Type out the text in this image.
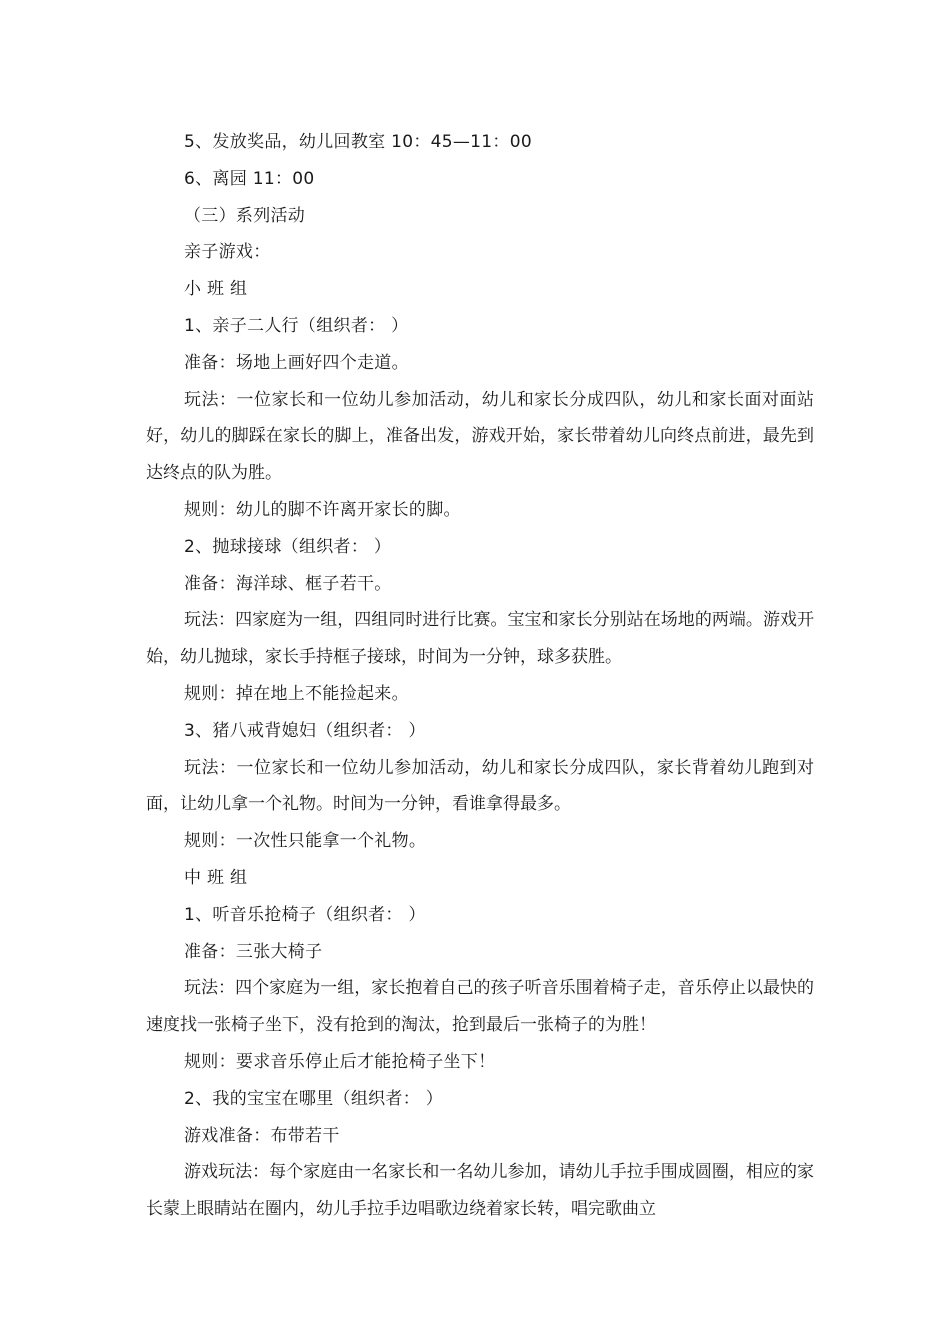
5、发放奖品，幼儿回教室 10：45—11：00
6、离园 11：00
（三）系列活动
亲子游戏：
小 班 组
1、亲子二人行（组织者： ）
准备：场地上画好四个走道。
玩法：一位家长和一位幼儿参加活动，幼儿和家长分成四队，幼儿和家长面对面站好，幼儿的脚踩在家长的脚上，准备出发，游戏开始，家长带着幼儿向终点前进，最先到达终点的队为胜。
规则：幼儿的脚不许离开家长的脚。
2、抛球接球（组织者： ）
准备：海洋球、框子若干。
玩法：四家庭为一组，四组同时进行比赛。宝宝和家长分别站在场地的两端。游戏开始，幼儿抛球，家长手持框子接球，时间为一分钟，球多获胜。
规则：掉在地上不能捡起来。
3、猪八戒背媳妇（组织者： ）
玩法：一位家长和一位幼儿参加活动，幼儿和家长分成四队，家长背着幼儿跑到对面，让幼儿拿一个礼物。时间为一分钟，看谁拿得最多。
规则：一次性只能拿一个礼物。
中 班 组
1、听音乐抢椅子（组织者： ）
准备：三张大椅子
玩法：四个家庭为一组，家长抱着自己的孩子听音乐围着椅子走，音乐停止以最快的速度找一张椅子坐下，没有抢到的淘汰，抢到最后一张椅子的为胜！
规则：要求音乐停止后才能抢椅子坐下！
2、我的宝宝在哪里（组织者： ）
游戏准备：布带若干
游戏玩法：每个家庭由一名家长和一名幼儿参加，请幼儿手拉手围成圆圈，相应的家长蒙上眼睛站在圈内，幼儿手拉手边唱歌边绕着家长转，唱完歌曲立
